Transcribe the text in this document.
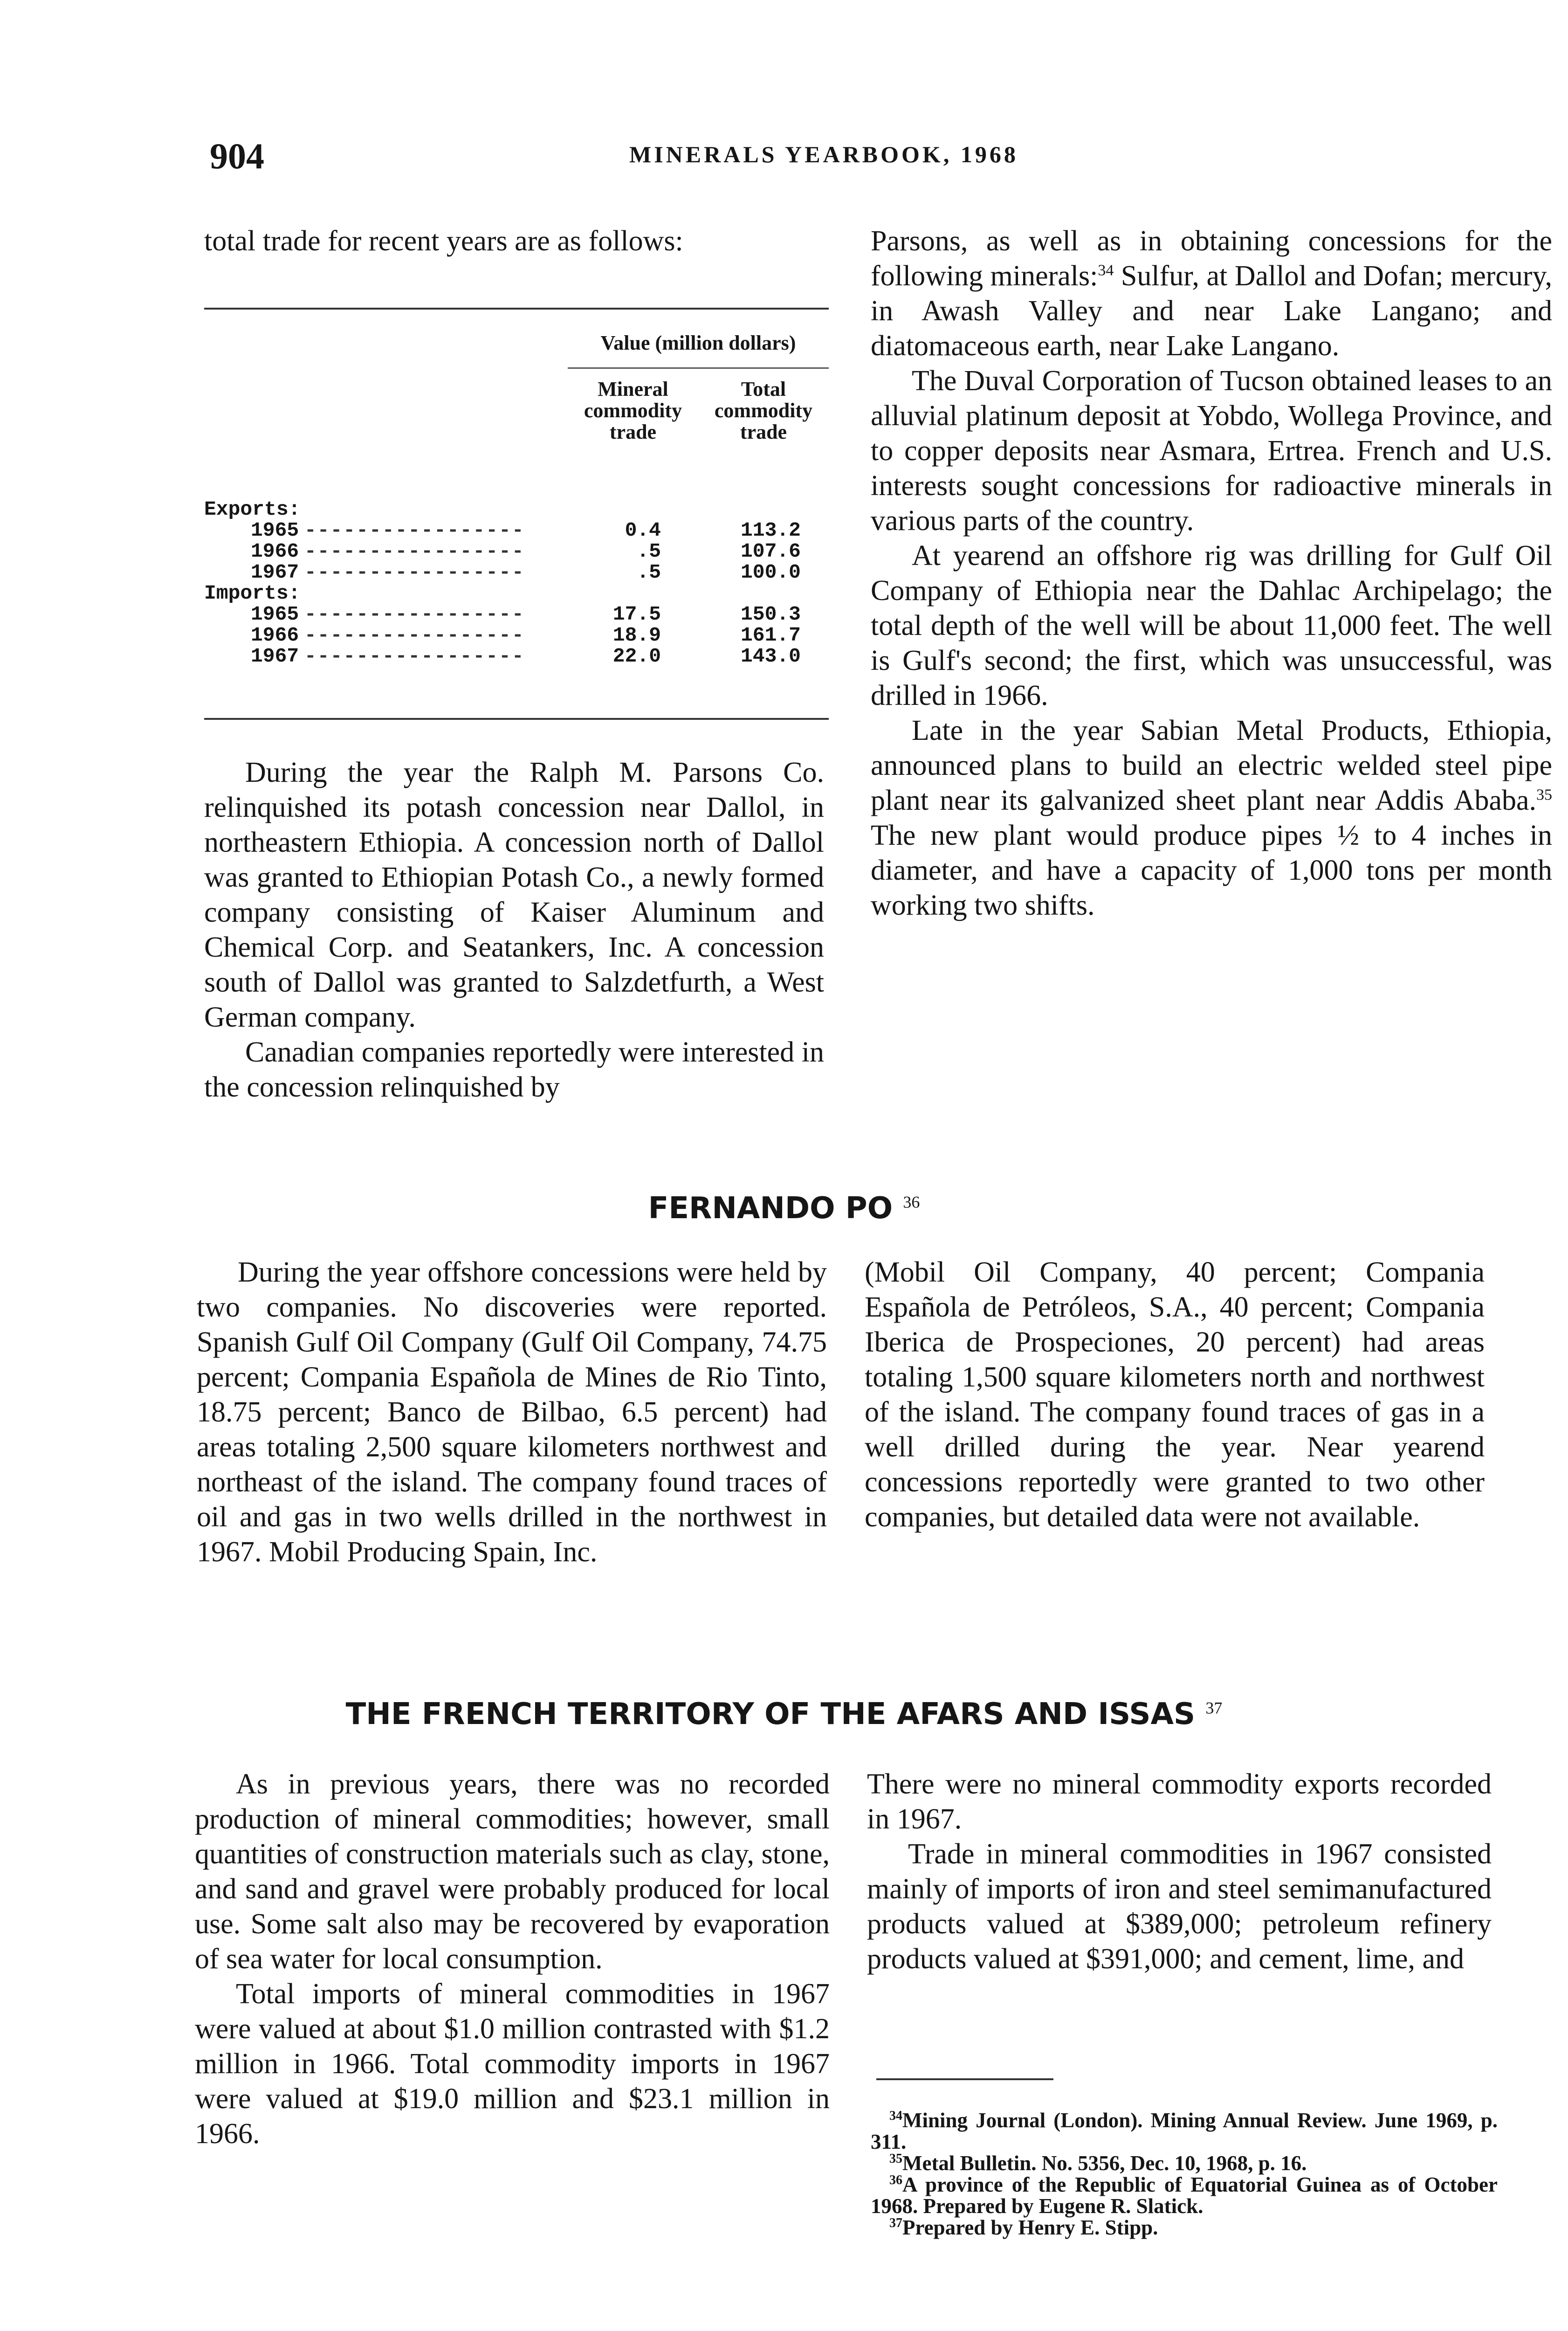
904	MINERALS YEARBOOK, 1968

total trade for recent years are as follows:

Value (million dollars)
Mineral commodity trade
Total commodity trade
Exports:
1965 -----------------	0.4	113.2
1966 -----------------	.5	107.6
1967 -----------------	.5	100.0
Imports:
1965 -----------------	17.5	150.3
1966 -----------------	18.9	161.7
1967 -----------------	22.0	143.0

During the year the Ralph M. Parsons Co. relinquished its potash concession near Dallol, in northeastern Ethiopia. A concession north of Dallol was granted to Ethiopian Potash Co., a newly formed company consisting of Kaiser Aluminum and Chemical Corp. and Seatankers, Inc. A concession south of Dallol was granted to Salzdetfurth, a West German company.

Canadian companies reportedly were interested in the concession relinquished by

Parsons, as well as in obtaining concessions for the following minerals:$^{34}$ Sulfur, at Dallol and Dofan; mercury, in Awash Valley and near Lake Langano; and diatomaceous earth, near Lake Langano.

The Duval Corporation of Tucson obtained leases to an alluvial platinum deposit at Yobdo, Wollega Province, and to copper deposits near Asmara, Ertrea. French and U.S. interests sought concessions for radioactive minerals in various parts of the country.

At yearend an offshore rig was drilling for Gulf Oil Company of Ethiopia near the Dahlac Archipelago; the total depth of the well will be about 11,000 feet. The well is Gulf's second; the first, which was unsuccessful, was drilled in 1966.

Late in the year Sabian Metal Products, Ethiopia, announced plans to build an electric welded steel pipe plant near its galvanized sheet plant near Addis Ababa.$^{35}$ The new plant would produce pipes ½ to 4 inches in diameter, and have a capacity of 1,000 tons per month working two shifts.

FERNANDO PO $^{36}$

During the year offshore concessions were held by two companies. No discoveries were reported. Spanish Gulf Oil Company (Gulf Oil Company, 74.75 percent; Compania Española de Mines de Rio Tinto, 18.75 percent; Banco de Bilbao, 6.5 percent) had areas totaling 2,500 square kilometers northwest and northeast of the island. The company found traces of oil and gas in two wells drilled in the northwest in 1967. Mobil Producing Spain, Inc.

(Mobil Oil Company, 40 percent; Compania Española de Petróleos, S.A., 40 percent; Compania Iberica de Prospeciones, 20 percent) had areas totaling 1,500 square kilometers north and northwest of the island. The company found traces of gas in a well drilled during the year. Near yearend concessions reportedly were granted to two other companies, but detailed data were not available.

THE FRENCH TERRITORY OF THE AFARS AND ISSAS $^{37}$

As in previous years, there was no recorded production of mineral commodities; however, small quantities of construction materials such as clay, stone, and sand and gravel were probably produced for local use. Some salt also may be recovered by evaporation of sea water for local consumption.

Total imports of mineral commodities in 1967 were valued at about $1.0 million contrasted with $1.2 million in 1966. Total commodity imports in 1967 were valued at $19.0 million and $23.1 million in 1966.

There were no mineral commodity exports recorded in 1967.

Trade in mineral commodities in 1967 consisted mainly of imports of iron and steel semimanufactured products valued at $389,000; petroleum refinery products valued at $391,000; and cement, lime, and

$^{34}$Mining Journal (London). Mining Annual Review. June 1969, p. 311.
$^{35}$Metal Bulletin. No. 5356, Dec. 10, 1968, p. 16.
$^{36}$A province of the Republic of Equatorial Guinea as of October 1968. Prepared by Eugene R. Slatick.
$^{37}$Prepared by Henry E. Stipp.
